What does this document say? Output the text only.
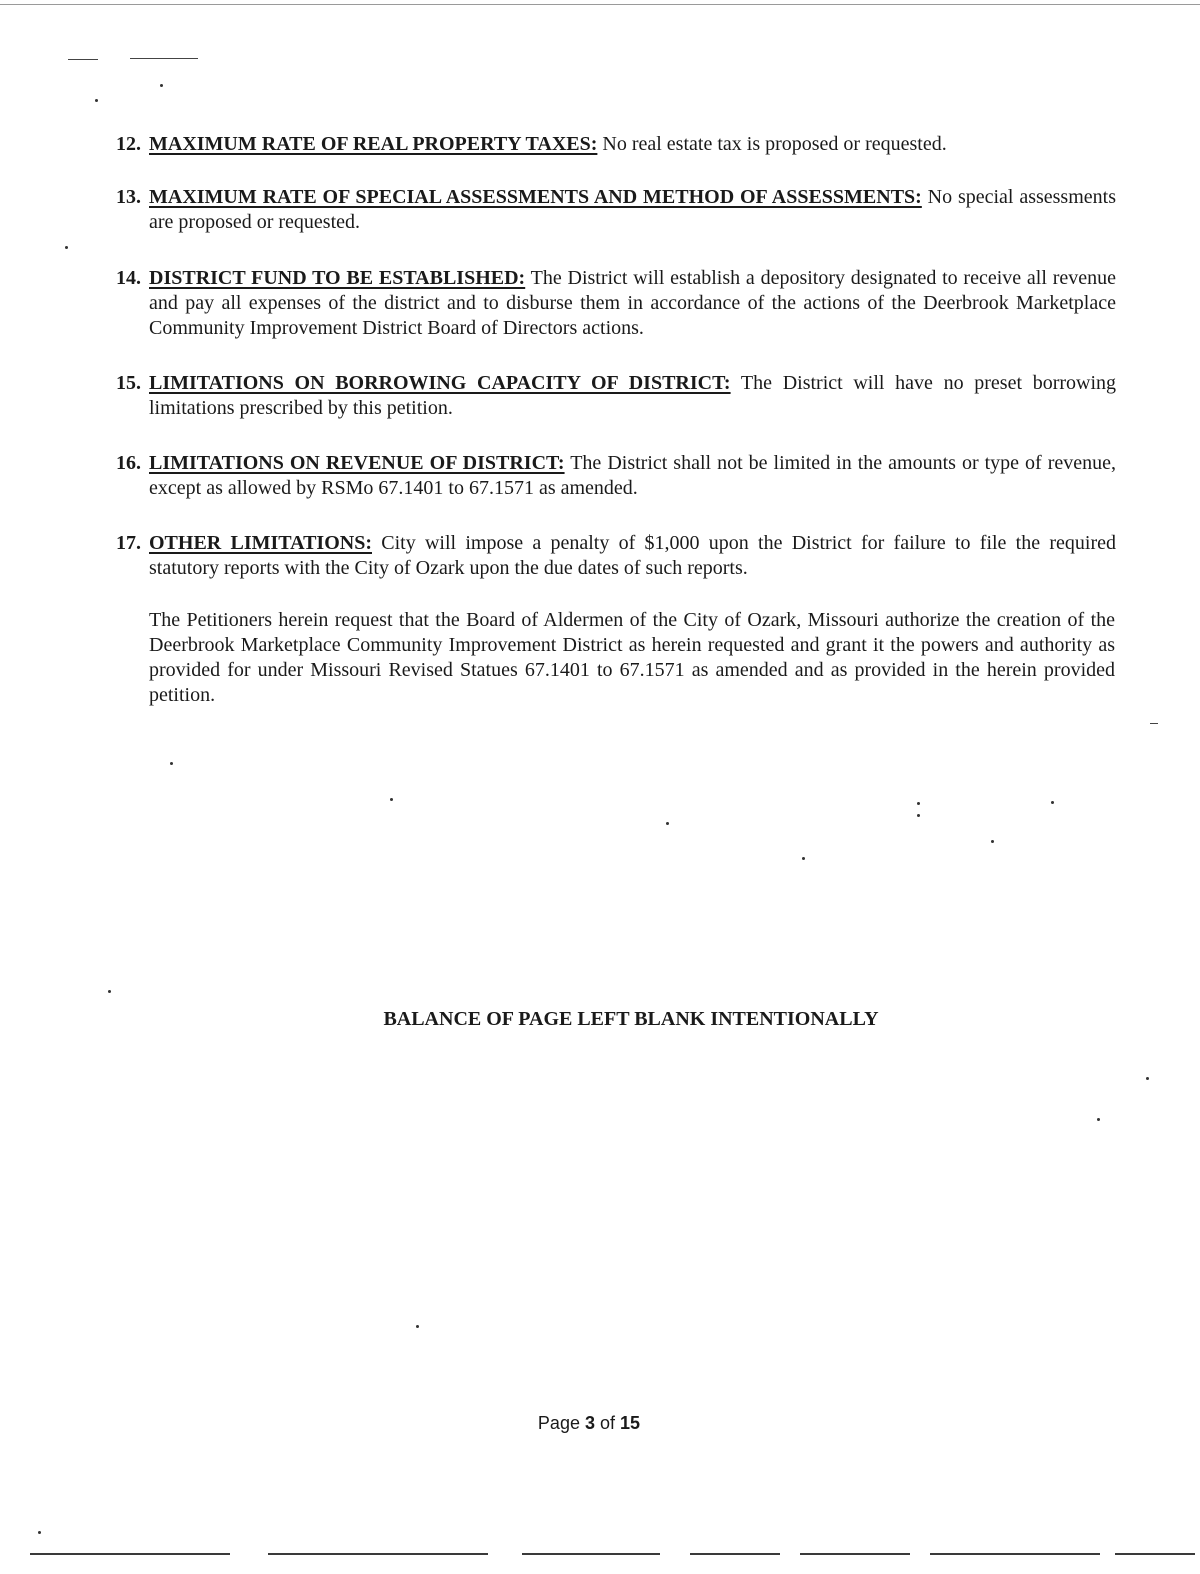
12. MAXIMUM RATE OF REAL PROPERTY TAXES: No real estate tax is proposed or requested.
13. MAXIMUM RATE OF SPECIAL ASSESSMENTS AND METHOD OF ASSESSMENTS: No special assessments are proposed or requested.
14. DISTRICT FUND TO BE ESTABLISHED: The District will establish a depository designated to receive all revenue and pay all expenses of the district and to disburse them in accordance of the actions of the Deerbrook Marketplace Community Improvement District Board of Directors actions.
15. LIMITATIONS ON BORROWING CAPACITY OF DISTRICT: The District will have no preset borrowing limitations prescribed by this petition.
16. LIMITATIONS ON REVENUE OF DISTRICT: The District shall not be limited in the amounts or type of revenue, except as allowed by RSMo 67.1401 to 67.1571 as amended.
17. OTHER LIMITATIONS: City will impose a penalty of $1,000 upon the District for failure to file the required statutory reports with the City of Ozark upon the due dates of such reports.
The Petitioners herein request that the Board of Aldermen of the City of Ozark, Missouri authorize the creation of the Deerbrook Marketplace Community Improvement District as herein requested and grant it the powers and authority as provided for under Missouri Revised Statues 67.1401 to 67.1571 as amended and as provided in the herein provided petition.
BALANCE OF PAGE LEFT BLANK INTENTIONALLY
Page 3 of 15
